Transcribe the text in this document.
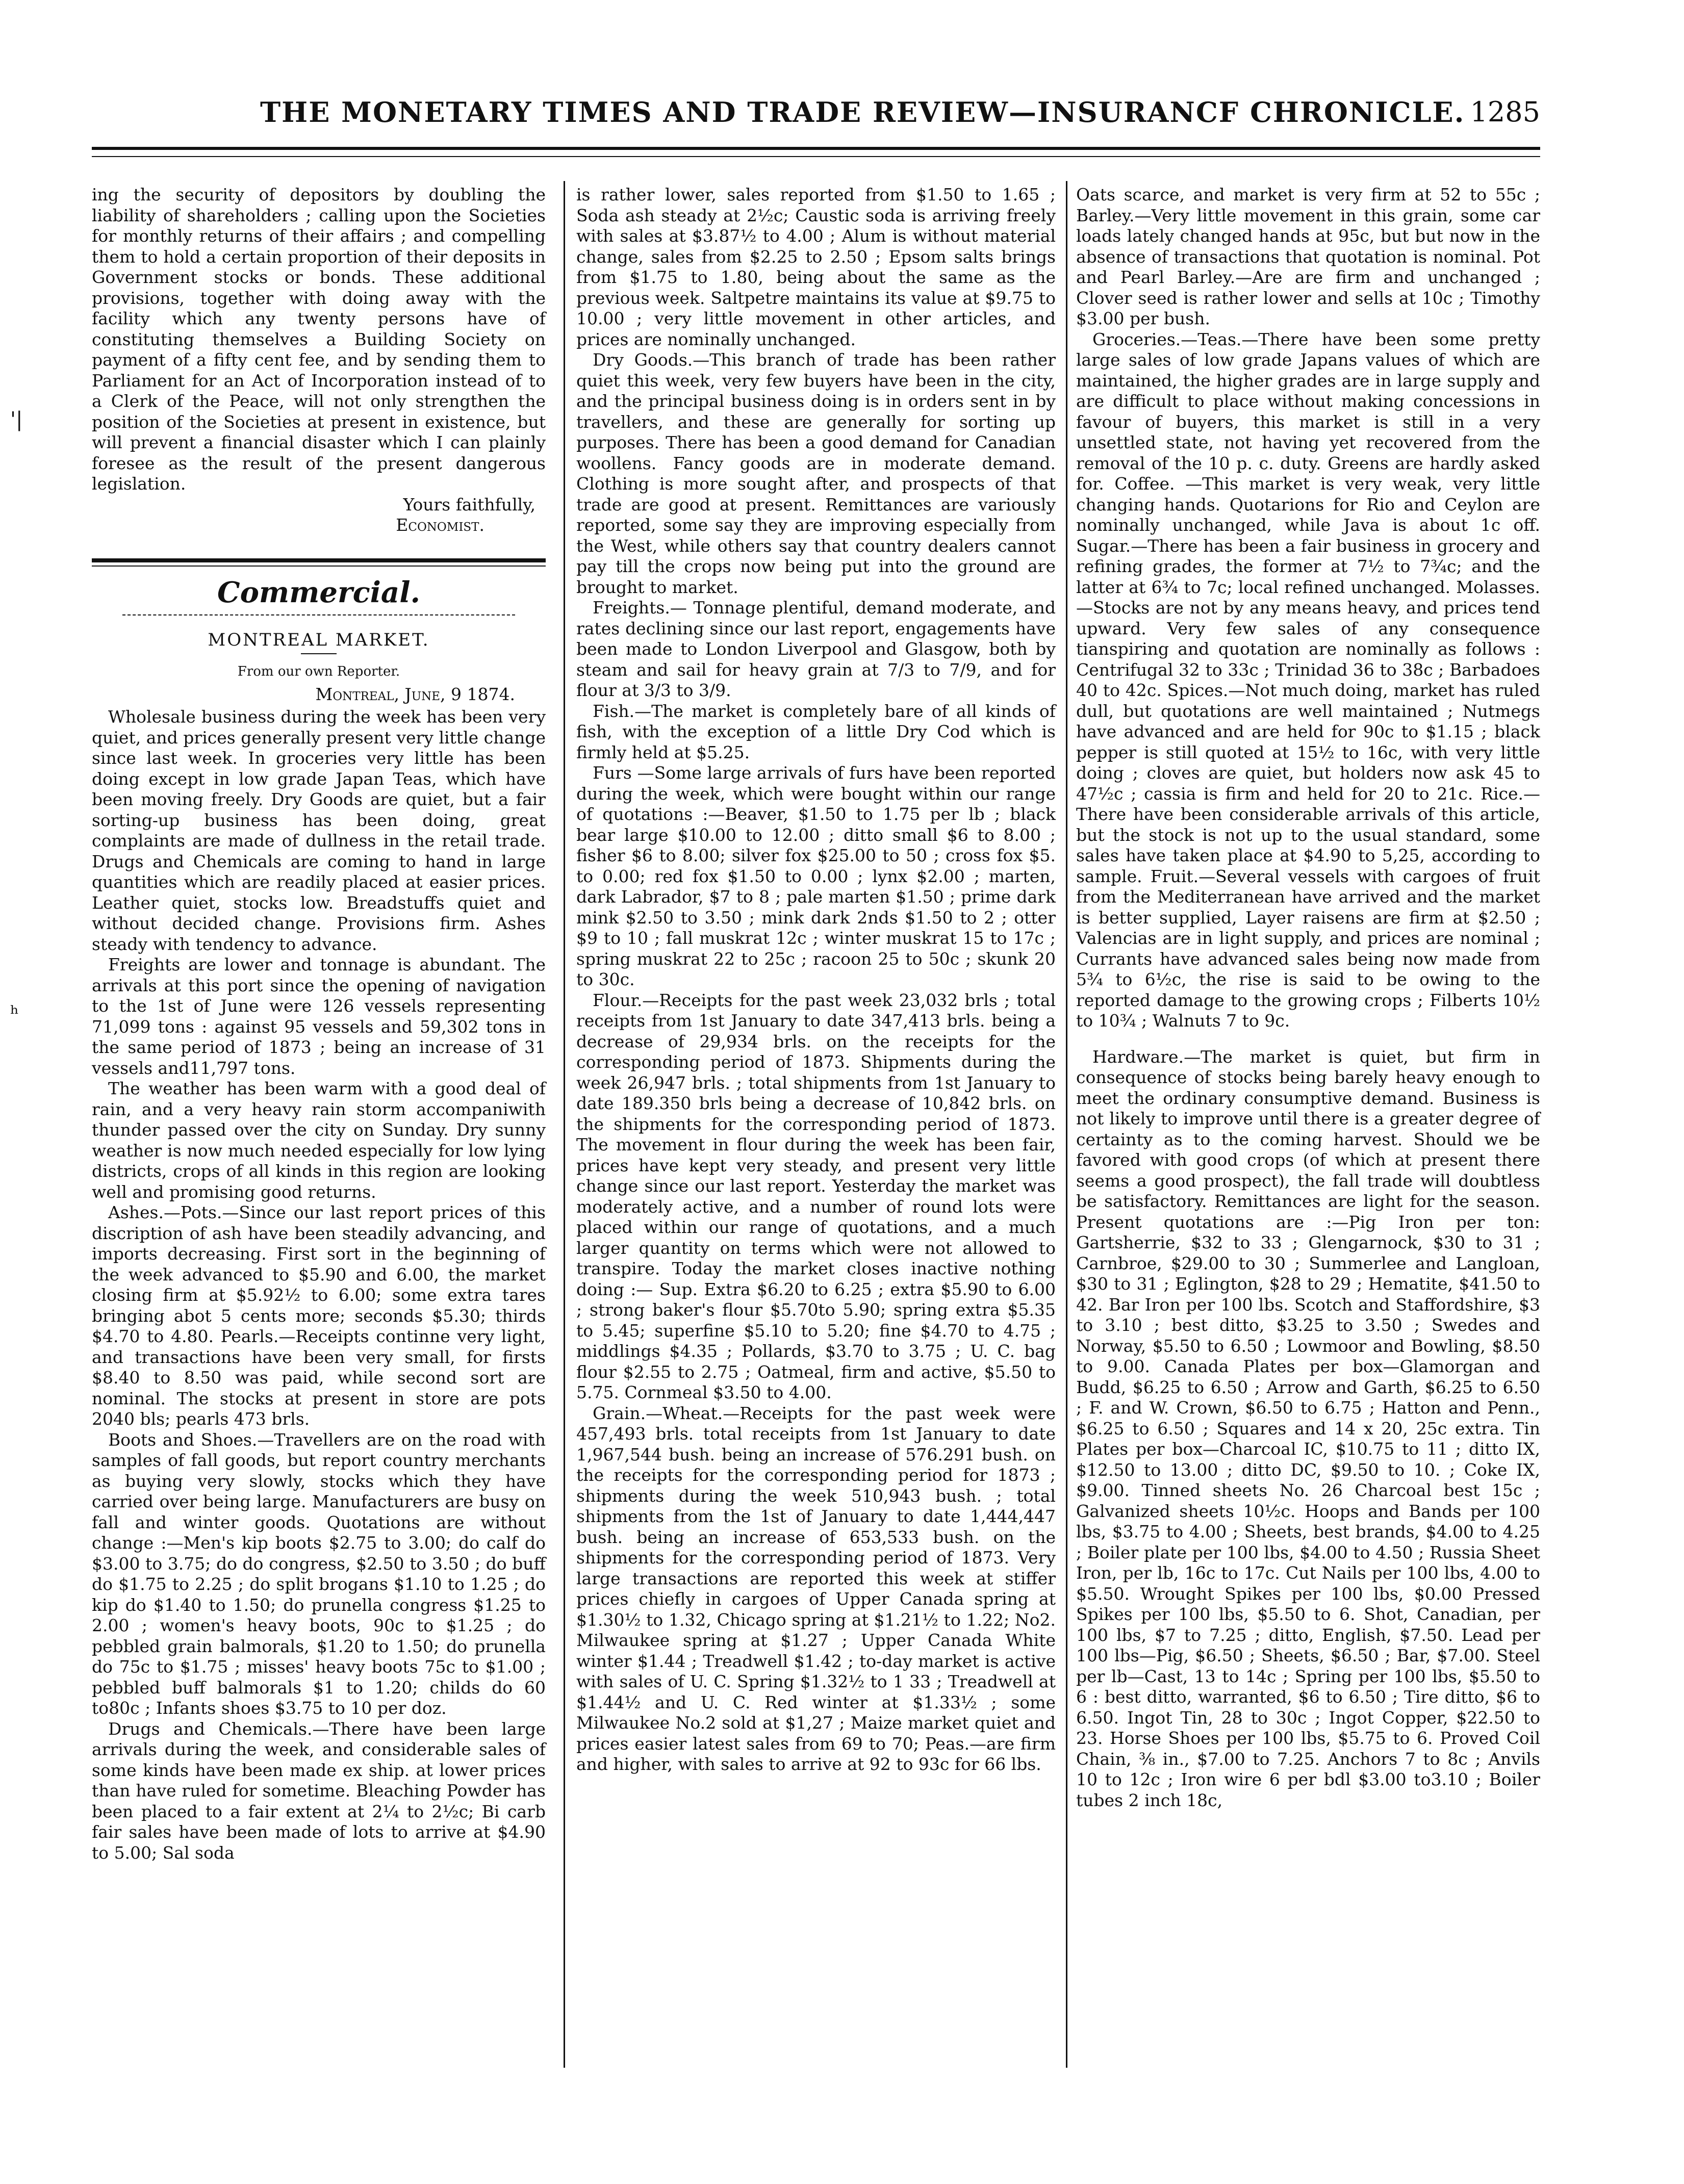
THE MONETARY TIMES AND TRADE REVIEW—INSURANCF CHRONICLE. 1285
'|
ʰ

ing the security of depositors by doubling the liability of shareholders ; calling upon the Societies for monthly returns of their affairs ; and compelling them to hold a certain proportion of their deposits in Government stocks or bonds. These additional provisions, together with doing away with the facility which any twenty persons have of constituting themselves a Building Society on payment of a fifty cent fee, and by sending them to Parliament for an Act of Incorporation instead of to a Clerk of the Peace, will not only strengthen the position of the Societies at present in existence, but will prevent a financial disaster which I can plainly foresee as the result of the present dangerous legislation.

Yours faithfully,

Economist.

Commercial.
MONTREAL MARKET.
From our own Reporter.
Montreal, June, 9 1874.

Wholesale business during the week has been very quiet, and prices generally present very little change since last week. In groceries very little has been doing except in low grade Japan Teas, which have been moving freely. Dry Goods are quiet, but a fair sorting-up business has been doing, great complaints are made of dullness in the retail trade. Drugs and Chemicals are coming to hand in large quantities which are readily placed at easier prices. Leather quiet, stocks low. Breadstuffs quiet and without decided change. Provisions firm. Ashes steady with tendency to advance.

Freights are lower and tonnage is abundant. The arrivals at this port since the opening of navigation to the 1st of June were 126 vessels representing 71,099 tons : against 95 vessels and 59,302 tons in the same period of 1873 ; being an increase of 31 vessels and11,797 tons.

The weather has been warm with a good deal of rain, and a very heavy rain storm accompaniwith thunder passed over the city on Sunday. Dry sunny weather is now much needed especially for low lying districts, crops of all kinds in this region are looking well and promising good returns.

Ashes.—Pots.—Since our last report prices of this discription of ash have been steadily advancing, and imports decreasing. First sort in the beginning of the week advanced to $5.90 and 6.00, the market closing firm at $5.92½ to 6.00; some extra tares bringing abot 5 cents more; seconds $5.30; thirds $4.70 to 4.80. Pearls.—Receipts continne very light, and transactions have been very small, for firsts $8.40 to 8.50 was paid, while second sort are nominal. The stocks at present in store are pots 2040 bls; pearls 473 brls.

Boots and Shoes.—Travellers are on the road with samples of fall goods, but report country merchants as buying very slowly, stocks which they have carried over being large. Manufacturers are busy on fall and winter goods. Quotations are without change :—Men's kip boots $2.75 to 3.00; do calf do $3.00 to 3.75; do do congress, $2.50 to 3.50 ; do buff do $1.75 to 2.25 ; do split brogans $1.10 to 1.25 ; do kip do $1.40 to 1.50; do prunella congress $1.25 to 2.00 ; women's heavy boots, 90c to $1.25 ; do pebbled grain balmorals, $1.20 to 1.50; do prunella do 75c to $1.75 ; misses' heavy boots 75c to $1.00 ; pebbled buff balmorals $1 to 1.20; childs do 60 to80c ; Infants shoes $3.75 to 10 per doz.

Drugs and Chemicals.—There have been large arrivals during the week, and considerable sales of some kinds have been made ex ship. at lower prices than have ruled for sometime. Bleaching Powder has been placed to a fair extent at 2¼ to 2½c; Bi carb fair sales have been made of lots to arrive at $4.90 to 5.00; Sal soda

is rather lower, sales reported from $1.50 to 1.65 ; Soda ash steady at 2½c; Caustic soda is arriving freely with sales at $3.87½ to 4.00 ; Alum is without material change, sales from $2.25 to 2.50 ; Epsom salts brings from $1.75 to 1.80, being about the same as the previous week. Saltpetre maintains its value at $9.75 to 10.00 ; very little movement in other articles, and prices are nominally unchanged.

Dry Goods.—This branch of trade has been rather quiet this week, very few buyers have been in the city, and the principal business doing is in orders sent in by travellers, and these are generally for sorting up purposes. There has been a good demand for Canadian woollens. Fancy goods are in moderate demand. Clothing is more sought after, and prospects of that trade are good at present. Remittances are variously reported, some say they are improving especially from the West, while others say that country dealers cannot pay till the crops now being put into the ground are brought to market.

Freights.— Tonnage plentiful, demand moderate, and rates declining since our last report, engagements have been made to London Liverpool and Glasgow, both by steam and sail for heavy grain at 7/3 to 7/9, and for flour at 3/3 to 3/9.

Fish.—The market is completely bare of all kinds of fish, with the exception of a little Dry Cod which is firmly held at $5.25.

Furs —Some large arrivals of furs have been reported during the week, which were bought within our range of quotations :—Beaver, $1.50 to 1.75 per lb ; black bear large $10.00 to 12.00 ; ditto small $6 to 8.00 ; fisher $6 to 8.00; silver fox $25.00 to 50 ; cross fox $5. to 0.00; red fox $1.50 to 0.00 ; lynx $2.00 ; marten, dark Labrador, $7 to 8 ; pale marten $1.50 ; prime dark mink $2.50 to 3.50 ; mink dark 2nds $1.50 to 2 ; otter $9 to 10 ; fall muskrat 12c ; winter muskrat 15 to 17c ; spring muskrat 22 to 25c ; racoon 25 to 50c ; skunk 20 to 30c.

Flour.—Receipts for the past week 23,032 brls ; total receipts from 1st January to date 347,413 brls. being a decrease of 29,934 brls. on the receipts for the corresponding period of 1873. Shipments during the week 26,947 brls. ; total shipments from 1st January to date 189.350 brls being a decrease of 10,842 brls. on the shipments for the corresponding period of 1873. The movement in flour during the week has been fair, prices have kept very steady, and present very little change since our last report. Yesterday the market was moderately active, and a number of round lots were placed within our range of quotations, and a much larger quantity on terms which were not allowed to transpire. Today the market closes inactive nothing doing :— Sup. Extra $6.20 to 6.25 ; extra $5.90 to 6.00 ; strong baker's flour $5.70to 5.90; spring extra $5.35 to 5.45; superfine $5.10 to 5.20; fine $4.70 to 4.75 ; middlings $4.35 ; Pollards, $3.70 to 3.75 ; U. C. bag flour $2.55 to 2.75 ; Oatmeal, firm and active, $5.50 to 5.75. Cornmeal $3.50 to 4.00.

Grain.—Wheat.—Receipts for the past week were 457,493 brls. total receipts from 1st January to date 1,967,544 bush. being an increase of 576.291 bush. on the receipts for the corresponding period for 1873 ; shipments during the week 510,943 bush. ; total shipments from the 1st of January to date 1,444,447 bush. being an increase of 653,533 bush. on the shipments for the corresponding period of 1873. Very large transactions are reported this week at stiffer prices chiefly in cargoes of Upper Canada spring at $1.30½ to 1.32, Chicago spring at $1.21½ to 1.22; No2. Milwaukee spring at $1.27 ; Upper Canada White winter $1.44 ; Treadwell $1.42 ; to-day market is active with sales of U. C. Spring $1.32½ to 1 33 ; Treadwell at $1.44½ and U. C. Red winter at $1.33½ ; some Milwaukee No.2 sold at $1,27 ; Maize market quiet and prices easier latest sales from 69 to 70; Peas.—are firm and higher, with sales to arrive at 92 to 93c for 66 lbs.

Oats scarce, and market is very firm at 52 to 55c ; Barley.—Very little movement in this grain, some car loads lately changed hands at 95c, but but now in the absence of transactions that quotation is nominal. Pot and Pearl Barley.—Are are firm and unchanged ; Clover seed is rather lower and sells at 10c ; Timothy $3.00 per bush.

Groceries.—Teas.—There have been some pretty large sales of low grade Japans values of which are maintained, the higher grades are in large supply and are difficult to place without making concessions in favour of buyers, this market is still in a very unsettled state, not having yet recovered from the removal of the 10 p. c. duty. Greens are hardly asked for. Coffee. —This market is very weak, very little changing hands. Quotarions for Rio and Ceylon are nominally unchanged, while Java is about 1c off. Sugar.—There has been a fair business in grocery and refining grades, the former at 7½ to 7¾c; and the latter at 6¾ to 7c; local refined unchanged. Molasses.—Stocks are not by any means heavy, and prices tend upward. Very few sales of any consequence tianspiring and quotation are nominally as follows : Centrifugal 32 to 33c ; Trinidad 36 to 38c ; Barbadoes 40 to 42c. Spices.—Not much doing, market has ruled dull, but quotations are well maintained ; Nutmegs have advanced and are held for 90c to $1.15 ; black pepper is still quoted at 15½ to 16c, with very little doing ; cloves are quiet, but holders now ask 45 to 47½c ; cassia is firm and held for 20 to 21c. Rice.—There have been considerable arrivals of this article, but the stock is not up to the usual standard, some sales have taken place at $4.90 to 5,25, according to sample. Fruit.—Several vessels with cargoes of fruit from the Mediterranean have arrived and the market is better supplied, Layer raisens are firm at $2.50 ; Valencias are in light supply, and prices are nominal ; Currants have advanced sales being now made from 5¾ to 6½c, the rise is said to be owing to the reported damage to the growing crops ; Filberts 10½ to 10¾ ; Walnuts 7 to 9c.

Hardware.—The market is quiet, but firm in consequence of stocks being barely heavy enough to meet the ordinary consumptive demand. Business is not likely to improve until there is a greater degree of certainty as to the coming harvest. Should we be favored with good crops (of which at present there seems a good prospect), the fall trade will doubtless be satisfactory. Remittances are light for the season. Present quotations are :—Pig Iron per ton: Gartsherrie, $32 to 33 ; Glengarnock, $30 to 31 ; Carnbroe, $29.00 to 30 ; Summerlee and Langloan, $30 to 31 ; Eglington, $28 to 29 ; Hematite, $41.50 to 42. Bar Iron per 100 lbs. Scotch and Staffordshire, $3 to 3.10 ; best ditto, $3.25 to 3.50 ; Swedes and Norway, $5.50 to 6.50 ; Lowmoor and Bowling, $8.50 to 9.00. Canada Plates per box—Glamorgan and Budd, $6.25 to 6.50 ; Arrow and Garth, $6.25 to 6.50 ; F. and W. Crown, $6.50 to 6.75 ; Hatton and Penn., $6.25 to 6.50 ; Squares and 14 x 20, 25c extra. Tin Plates per box—Charcoal IC, $10.75 to 11 ; ditto IX, $12.50 to 13.00 ; ditto DC, $9.50 to 10. ; Coke IX, $9.00. Tinned sheets No. 26 Charcoal best 15c ; Galvanized sheets 10½c. Hoops and Bands per 100 lbs, $3.75 to 4.00 ; Sheets, best brands, $4.00 to 4.25 ; Boiler plate per 100 lbs, $4.00 to 4.50 ; Russia Sheet Iron, per lb, 16c to 17c. Cut Nails per 100 lbs, 4.00 to $5.50. Wrought Spikes per 100 lbs, $0.00 Pressed Spikes per 100 lbs, $5.50 to 6. Shot, Canadian, per 100 lbs, $7 to 7.25 ; ditto, English, $7.50. Lead per 100 lbs—Pig, $6.50 ; Sheets, $6.50 ; Bar, $7.00. Steel per lb—Cast, 13 to 14c ; Spring per 100 lbs, $5.50 to 6 : best ditto, warranted, $6 to 6.50 ; Tire ditto, $6 to 6.50. Ingot Tin, 28 to 30c ; Ingot Copper, $22.50 to 23. Horse Shoes per 100 lbs, $5.75 to 6. Proved Coil Chain, ⅜ in., $7.00 to 7.25. Anchors 7 to 8c ; Anvils 10 to 12c ; Iron wire 6 per bdl $3.00 to3.10 ; Boiler tubes 2 inch 18c,
